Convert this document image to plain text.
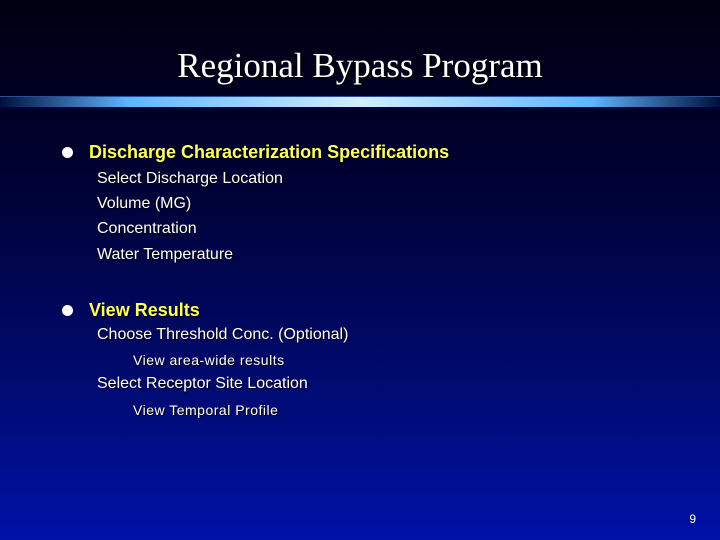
Regional Bypass Program
Discharge Characterization Specifications
Select Discharge Location
Volume (MG)
Concentration
Water Temperature
View Results
Choose Threshold Conc. (Optional)
View area-wide results
Select Receptor Site Location
View Temporal Profile
9
